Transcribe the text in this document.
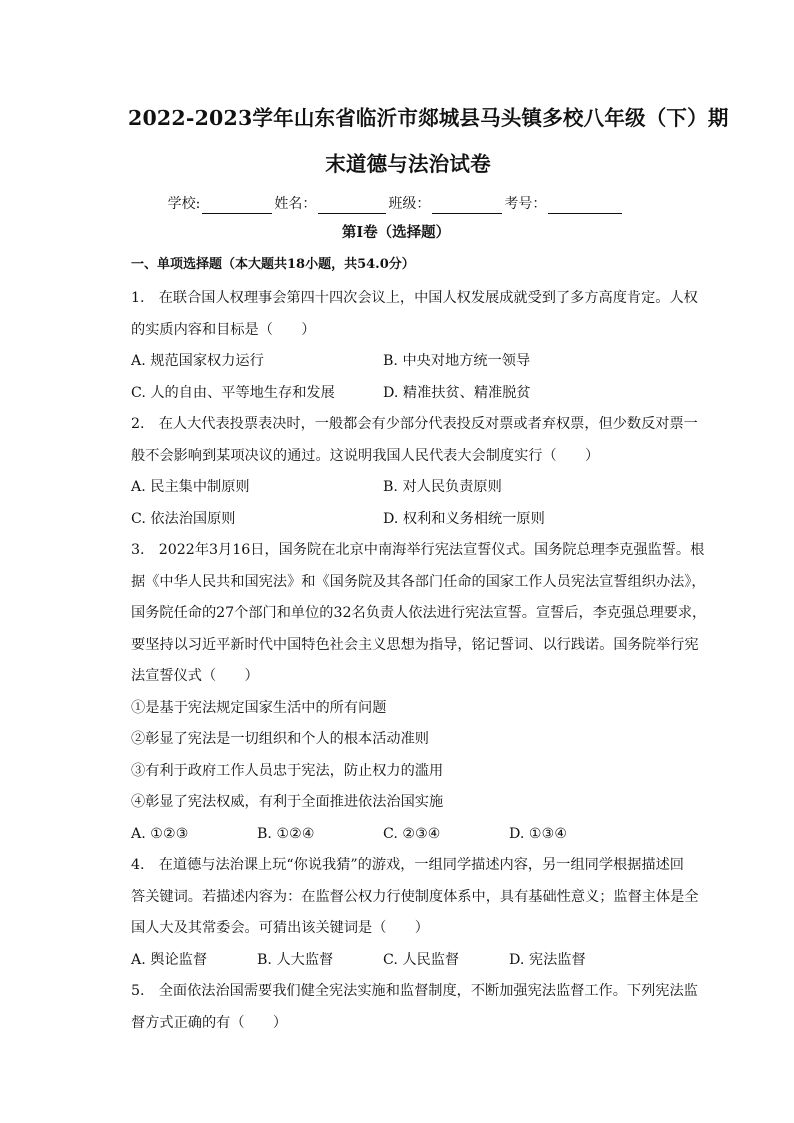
2022-2023学年山东省临沂市郯城县马头镇多校八年级（下）期
末道德与法治试卷
学校:	姓名：	班级：	考号：
第Ⅰ卷（选择题）
一、单项选择题（本大题共18小题，共54.0分）
1.　在联合国人权理事会第四十四次会议上，中国人权发展成就受到了多方高度肯定。人权
的实质内容和目标是（　　）
A. 规范国家权力运行	B. 中央对地方统一领导
C. 人的自由、平等地生存和发展	D. 精准扶贫、精准脱贫
2.　在人大代表投票表决时，一般都会有少部分代表投反对票或者弃权票，但少数反对票一
般不会影响到某项决议的通过。这说明我国人民代表大会制度实行（　　）
A. 民主集中制原则	B. 对人民负责原则
C. 依法治国原则	D. 权利和义务相统一原则
3.　2022年3月16日，国务院在北京中南海举行宪法宣誓仪式。国务院总理李克强监誓。根
据《中华人民共和国宪法》和《国务院及其各部门任命的国家工作人员宪法宣誓组织办法》，
国务院任命的27个部门和单位的32名负责人依法进行宪法宣誓。宣誓后，李克强总理要求，
要坚持以习近平新时代中国特色社会主义思想为指导，铭记誓词、以行践诺。国务院举行宪
法宣誓仪式（　　）
①是基于宪法规定国家生活中的所有问题
②彰显了宪法是一切组织和个人的根本活动准则
③有利于政府工作人员忠于宪法，防止权力的滥用
④彰显了宪法权威，有利于全面推进依法治国实施
A. ①②③	B. ①②④	C. ②③④	D. ①③④
4.　在道德与法治课上玩“你说我猜”的游戏，一组同学描述内容，另一组同学根据描述回
答关键词。若描述内容为：在监督公权力行使制度体系中，具有基础性意义；监督主体是全
国人大及其常委会。可猜出该关键词是（　　）
A. 舆论监督	B. 人大监督	C. 人民监督	D. 宪法监督
5.　全面依法治国需要我们健全宪法实施和监督制度，不断加强宪法监督工作。下列宪法监
督方式正确的有（　　）
